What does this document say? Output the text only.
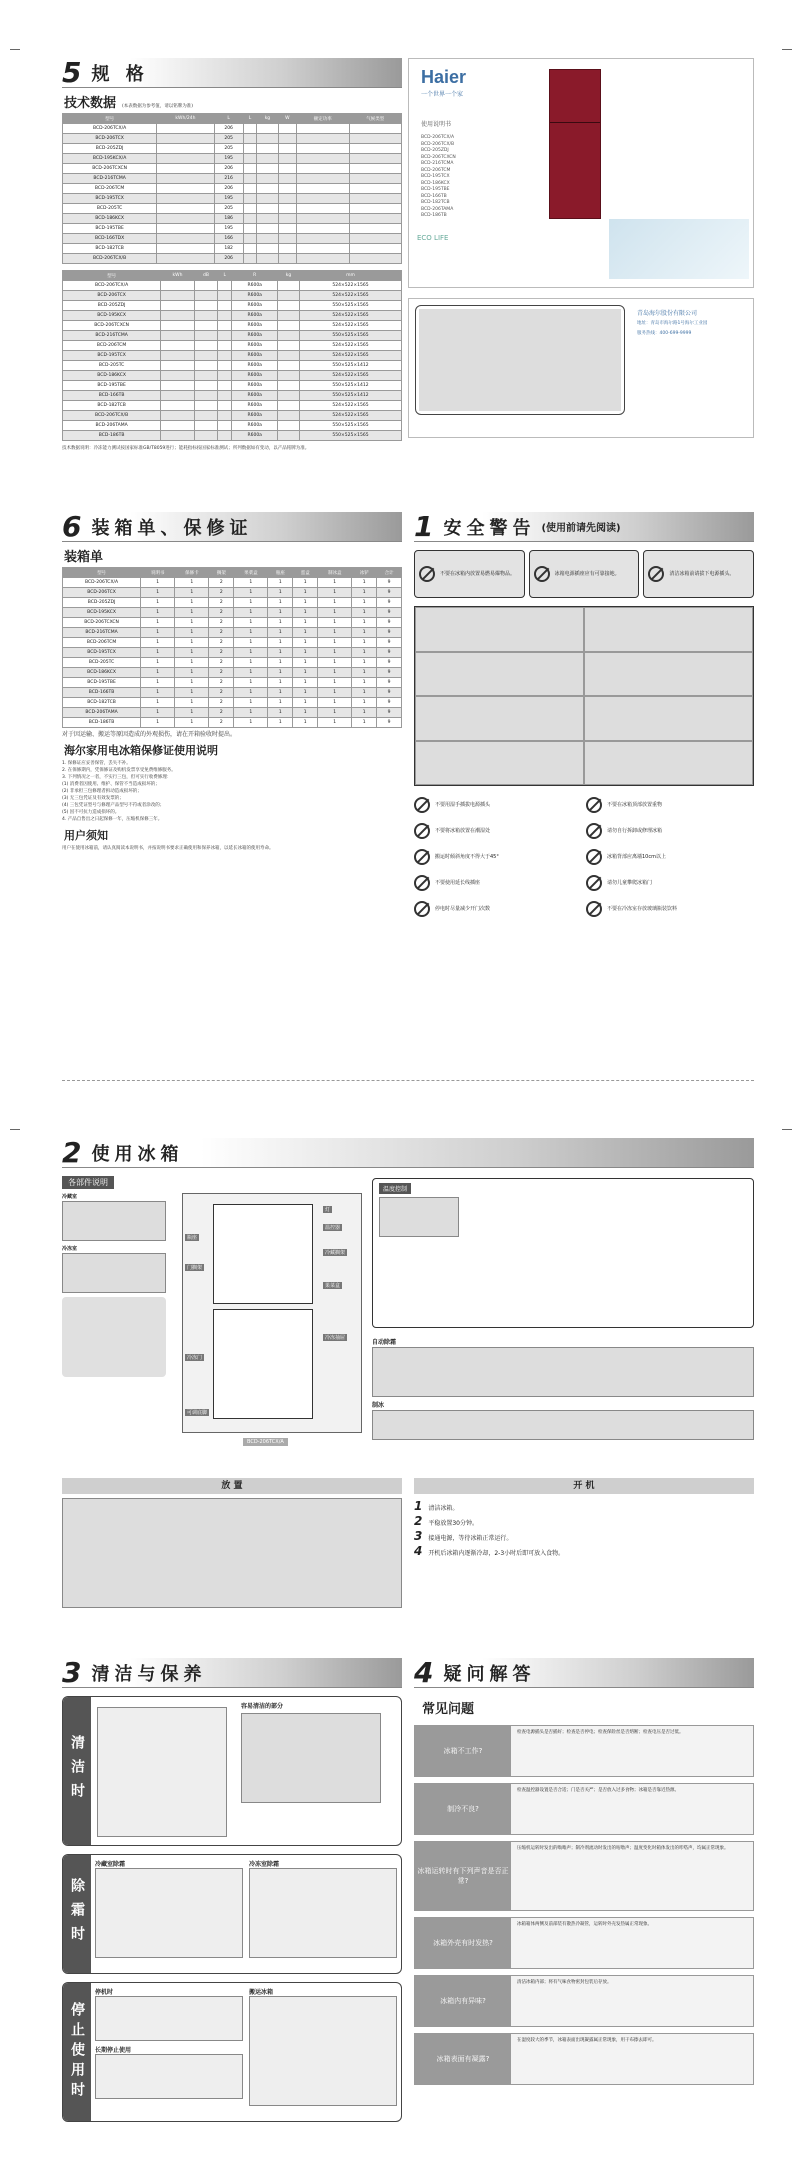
5 规 格
技术数据 (本表数据为参考值，请以铭牌为准)
型号	kWh/24h	L	L	kg	W	额定功率	气候类型
BCD-206TCX/A		206					
BCD-206TCX		205					
BCD-205ZDJ		205					
BCD-195KCX/A		195					
BCD-206TCXCN		206					
BCD-216TCMA		216					
BCD-206TCM		206					
BCD-195TCX		195					
BCD-205TC		205					
BCD-186KCX		186					
BCD-195TBE		195					
BCD-166TDX		166					
BCD-182TCB		182					
BCD-206TCX/B		206					
型号	kWh	dB	L	R	kg	mm
BCD-206TCX/A				R600a		524×522×1565
BCD-206TCX				R600a		524×522×1565
BCD-205ZDJ				R600a		550×525×1565
BCD-195KCX				R600a		524×522×1565
BCD-206TCXCN				R600a		524×522×1565
BCD-216TCMA				R600a		550×525×1565
BCD-206TCM				R600a		524×522×1565
BCD-195TCX				R600a		524×522×1565
BCD-205TC				R600a		550×525×1412
BCD-186KCX				R600a		524×522×1565
BCD-195TBE				R600a		550×525×1412
BCD-166TB				R600a		550×525×1412
BCD-182TCB				R600a		524×522×1565
BCD-206TCX/B				R600a		524×522×1565
BCD-206TAMA				R600a		550×525×1565
BCD-186TB				R600a		550×525×1565
技术数据说明：冷冻能力测试按国家标准GB/T8059进行；能耗指标按国家标准测试；所列数据如有变动，以产品铭牌为准。
Haier
一个世界一个家
使用说明书
BCD-206TCX/A
BCD-206TCX/B
BCD-205ZDJ
BCD-206TCXCN
BCD-216TCMA
BCD-206TCM
BCD-195TCX
BCD-186KCX
BCD-195TBE
BCD-166TB
BCD-182TCB
BCD-206TAMA
BCD-186TB
ECO LIFE
青岛海尔股份有限公司
地址：青岛市海尔路1号海尔工业园
服务热线：400-699-9999
6 装箱单、保修证
装箱单
型号	说明书	保修卡	搁架	果菜盒	瓶座	蛋盒	制冰盒	冰铲	合计
BCD-206TCX/A	1	1	2	1	1	1	1	1	9
BCD-206TCX	1	1	2	1	1	1	1	1	9
BCD-205ZDJ	1	1	2	1	1	1	1	1	9
BCD-195KCX	1	1	2	1	1	1	1	1	9
BCD-206TCXCN	1	1	2	1	1	1	1	1	9
BCD-216TCMA	1	1	2	1	1	1	1	1	9
BCD-206TCM	1	1	2	1	1	1	1	1	9
BCD-195TCX	1	1	2	1	1	1	1	1	9
BCD-205TC	1	1	2	1	1	1	1	1	9
BCD-186KCX	1	1	2	1	1	1	1	1	9
BCD-195TBE	1	1	2	1	1	1	1	1	9
BCD-166TB	1	1	2	1	1	1	1	1	9
BCD-182TCB	1	1	2	1	1	1	1	1	9
BCD-206TAMA	1	1	2	1	1	1	1	1	9
BCD-186TB	1	1	2	1	1	1	1	1	9
对于因运输、搬运等原因造成的外观损伤，请在开箱验收时提出。
海尔家用电冰箱保修证使用说明
1. 保修证应妥善保管，丢失不补。
2. 在保修期内，凭保修证及购机发票享受免费维修服务。
3. 下列情况之一者，不实行三包，但可实行收费修理：
(1) 消费者因使用、维护、保管不当造成损坏的；
(2) 非承担三包修理者拆动造成损坏的；
(3) 无三包凭证及有效发票的；
(4) 三包凭证型号与修理产品型号不符或者涂改的；
(5) 因不可抗力造成损坏的。
4. 产品自售出之日起保修一年，压缩机保修三年。
用户须知
用户在使用冰箱前，请认真阅读本说明书，并按说明书要求正确使用和保养冰箱，以延长冰箱的使用寿命。
1 安全警告 (使用前请先阅读)
不要在冰箱内放置易燃易爆物品。	冰箱电源插座应有可靠接地。	清洁冰箱前请拔下电源插头。
不要用湿手插拔电源插头	不要在冰箱顶部放置重物
不要将冰箱放置在潮湿处	请勿自行拆卸或修理冰箱
搬运时倾斜角度不得大于45°	冰箱背部应离墙10cm以上
不要使用延长线插座	请勿儿童攀爬冰箱门
停电时尽量减少开门次数	不要在冷冻室存放玻璃瓶装饮料
2 使用冰箱
各部件说明
冷藏室
冷冻室
灯
温控器
冷藏搁架
果菜盒
冷冻抽屉
瓶座
门搁架
冷冻门
可调底脚
BCD-206TCX/A
温度控制
自动除霜
制冰
放 置	开 机
1 清洁冰箱。
2 平稳放置30分钟。
3 接通电源，等待冰箱正常运行。
4 开机后冰箱内逐渐冷却，2-3小时后即可放入食物。
3 清洁与保养
清洁时
容易清洁的部分
除霜时
冷藏室除霜	冷冻室除霜
停止使用时
停机时
长期停止使用
搬运冰箱
4 疑问解答
常见问题
冰箱不工作?
检查电源插头是否插好；检查是否停电；检查保险丝是否熔断；检查电压是否过低。
制冷不良?
检查温控器设置是否合适；门是否关严；是否放入过多食物；冰箱是否靠近热源。
冰箱运转时有下列声音是否正常?
压缩机运转时发出的嗡嗡声；制冷剂流动时发出的咕噜声；温度变化时箱体发出的咔嗒声，均属正常现象。
冰箱外壳有时发热?
冰箱箱体两侧及前部装有散热冷凝管，运转时外壳发热属正常现象。
冰箱内有异味?
清洁冰箱内部；将有气味食物密封包装后存放。
冰箱表面有凝露?
在湿度较大的季节，冰箱表面出现凝露属正常现象，用干布擦去即可。
